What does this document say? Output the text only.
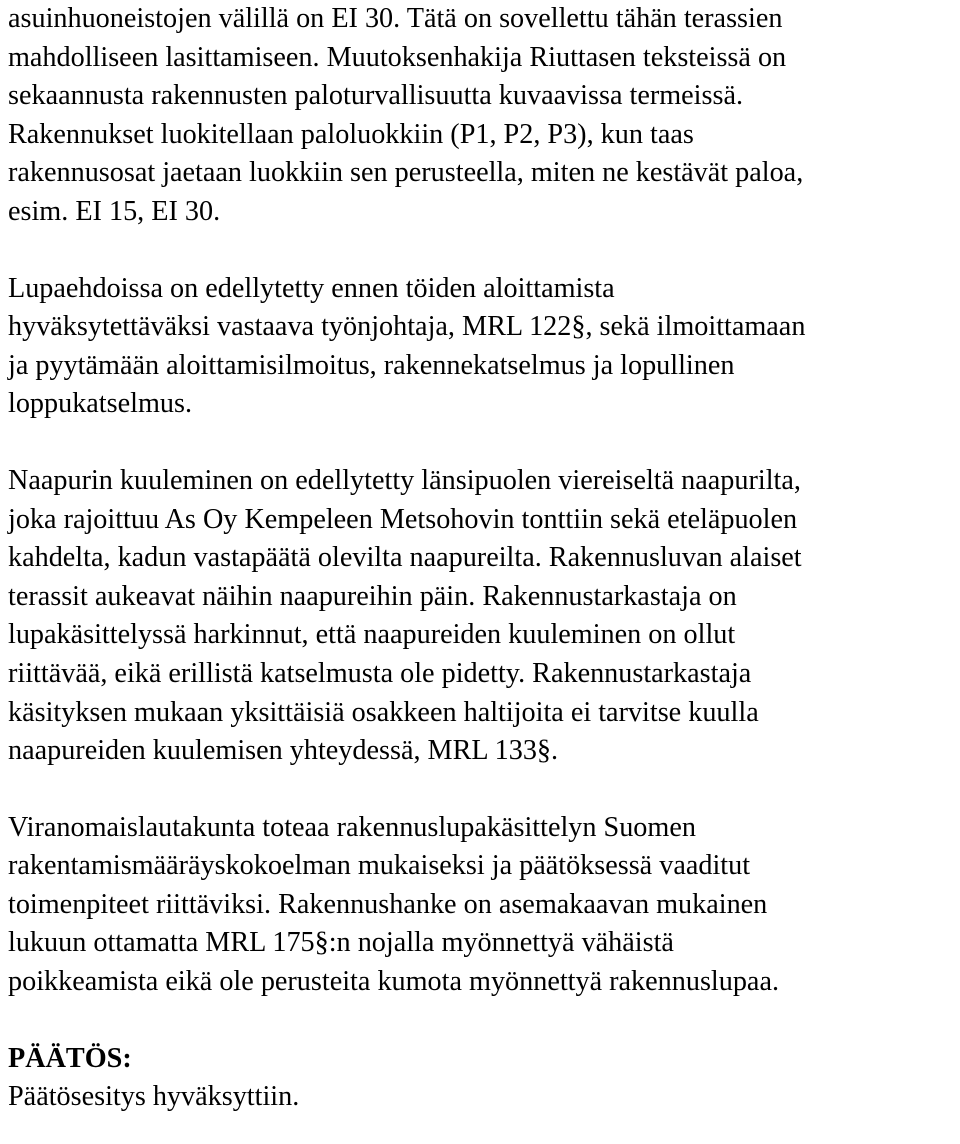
asuinhuoneistojen välillä on EI 30. Tätä on sovellettu tähän terassien
mahdolliseen lasittamiseen. Muutoksenhakija Riuttasen teksteissä on
sekaannusta rakennusten paloturvallisuutta kuvaavissa termeissä.
Rakennukset luokitellaan paloluokkiin (P1, P2, P3), kun taas
rakennusosat jaetaan luokkiin sen perusteella, miten ne kestävät paloa,
esim. EI 15, EI 30.

Lupaehdoissa on edellytetty ennen töiden aloittamista
hyväksytettäväksi vastaava työnjohtaja, MRL 122§, sekä ilmoittamaan
ja pyytämään aloittamisilmoitus, rakennekatselmus ja lopullinen
loppukatselmus.

Naapurin kuuleminen on edellytetty länsipuolen viereiseltä naapurilta,
joka rajoittuu As Oy Kempeleen Metsohovin tonttiin sekä eteläpuolen
kahdelta, kadun vastapäätä olevilta naapureilta. Rakennusluvan alaiset
terassit aukeavat näihin naapureihin päin. Rakennustarkastaja on
lupakäsittelyssä harkinnut, että naapureiden kuuleminen on ollut
riittävää, eikä erillistä katselmusta ole pidetty. Rakennustarkastaja
käsityksen mukaan yksittäisiä osakkeen haltijoita ei tarvitse kuulla
naapureiden kuulemisen yhteydessä, MRL 133§.

Viranomaislautakunta toteaa rakennuslupakäsittelyn Suomen
rakentamismääräyskokoelman mukaiseksi ja päätöksessä vaaditut
toimenpiteet riittäviksi. Rakennushanke on asemakaavan mukainen
lukuun ottamatta MRL 175§:n nojalla myönnettyä vähäistä
poikkeamista eikä ole perusteita kumota myönnettyä rakennuslupaa.

PÄÄTÖS:
Päätösesitys hyväksyttiin.
